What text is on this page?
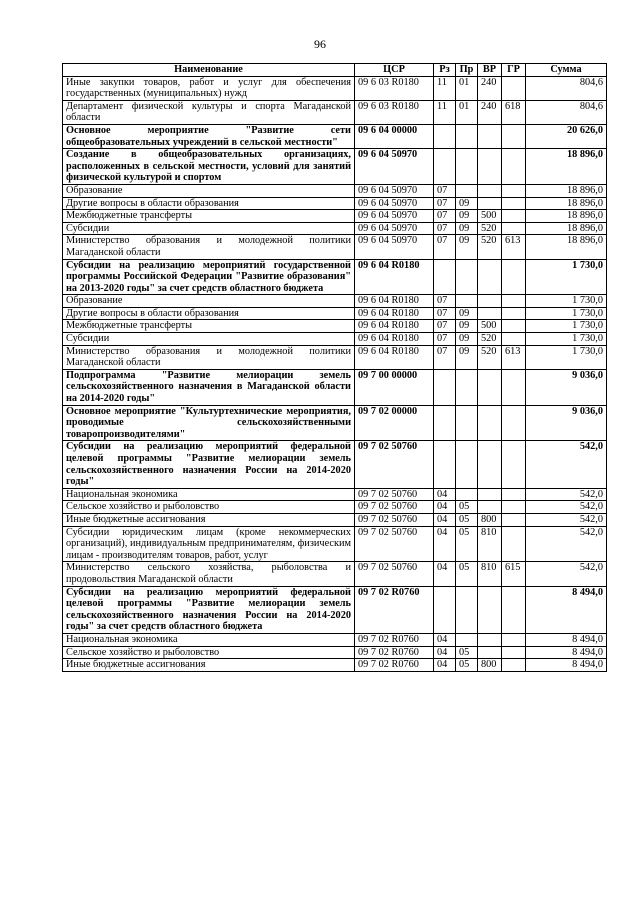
96
Наименование	ЦСР	Рз	Пр	ВР	ГР	Сумма
Иные закупки товаров, работ и услуг для обеспечения государственных (муниципальных) нужд	09 6 03 R0180	11	01	240		804,6
Департамент физической культуры и спорта Магаданской области	09 6 03 R0180	11	01	240	618	804,6
Основное мероприятие "Развитие сети общеобразовательных учреждений в сельской местности"	09 6 04 00000					20 626,0
Создание в общеобразовательных организациях, расположенных в сельской местности, условий для занятий физической культурой и спортом	09 6 04 50970					18 896,0
Образование	09 6 04 50970	07				18 896,0
Другие вопросы в области образования	09 6 04 50970	07	09			18 896,0
Межбюджетные трансферты	09 6 04 50970	07	09	500		18 896,0
Субсидии	09 6 04 50970	07	09	520		18 896,0
Министерство образования и молодежной политики Магаданской области	09 6 04 50970	07	09	520	613	18 896,0
Субсидии на реализацию мероприятий государственной программы Российской Федерации "Развитие образования" на 2013-2020 годы" за счет средств областного бюджета	09 6 04 R0180					1 730,0
Образование	09 6 04 R0180	07				1 730,0
Другие вопросы в области образования	09 6 04 R0180	07	09			1 730,0
Межбюджетные трансферты	09 6 04 R0180	07	09	500		1 730,0
Субсидии	09 6 04 R0180	07	09	520		1 730,0
Министерство образования и молодежной политики Магаданской области	09 6 04 R0180	07	09	520	613	1 730,0
Подпрограмма "Развитие мелиорации земель сельскохозяйственного назначения в Магаданской области на 2014-2020 годы"	09 7 00 00000					9 036,0
Основное мероприятие "Культуртехнические мероприятия, проводимые сельскохозяйственными товаропроизводителями"	09 7 02 00000					9 036,0
Субсидии на реализацию мероприятий федеральной целевой программы "Развитие мелиорации земель сельскохозяйственного назначения России на 2014-2020 годы"	09 7 02 50760					542,0
Национальная экономика	09 7 02 50760	04				542,0
Сельское хозяйство и рыболовство	09 7 02 50760	04	05			542,0
Иные бюджетные ассигнования	09 7 02 50760	04	05	800		542,0
Субсидии юридическим лицам (кроме некоммерческих организаций), индивидуальным предпринимателям, физическим лицам - производителям товаров, работ, услуг	09 7 02 50760	04	05	810		542,0
Министерство сельского хозяйства, рыболовства и продовольствия Магаданской области	09 7 02 50760	04	05	810	615	542,0
Субсидии на реализацию мероприятий федеральной целевой программы "Развитие мелиорации земель сельскохозяйственного назначения России на 2014-2020 годы" за счет средств областного бюджета	09 7 02 R0760					8 494,0
Национальная экономика	09 7 02 R0760	04				8 494,0
Сельское хозяйство и рыболовство	09 7 02 R0760	04	05			8 494,0
Иные бюджетные ассигнования	09 7 02 R0760	04	05	800		8 494,0
